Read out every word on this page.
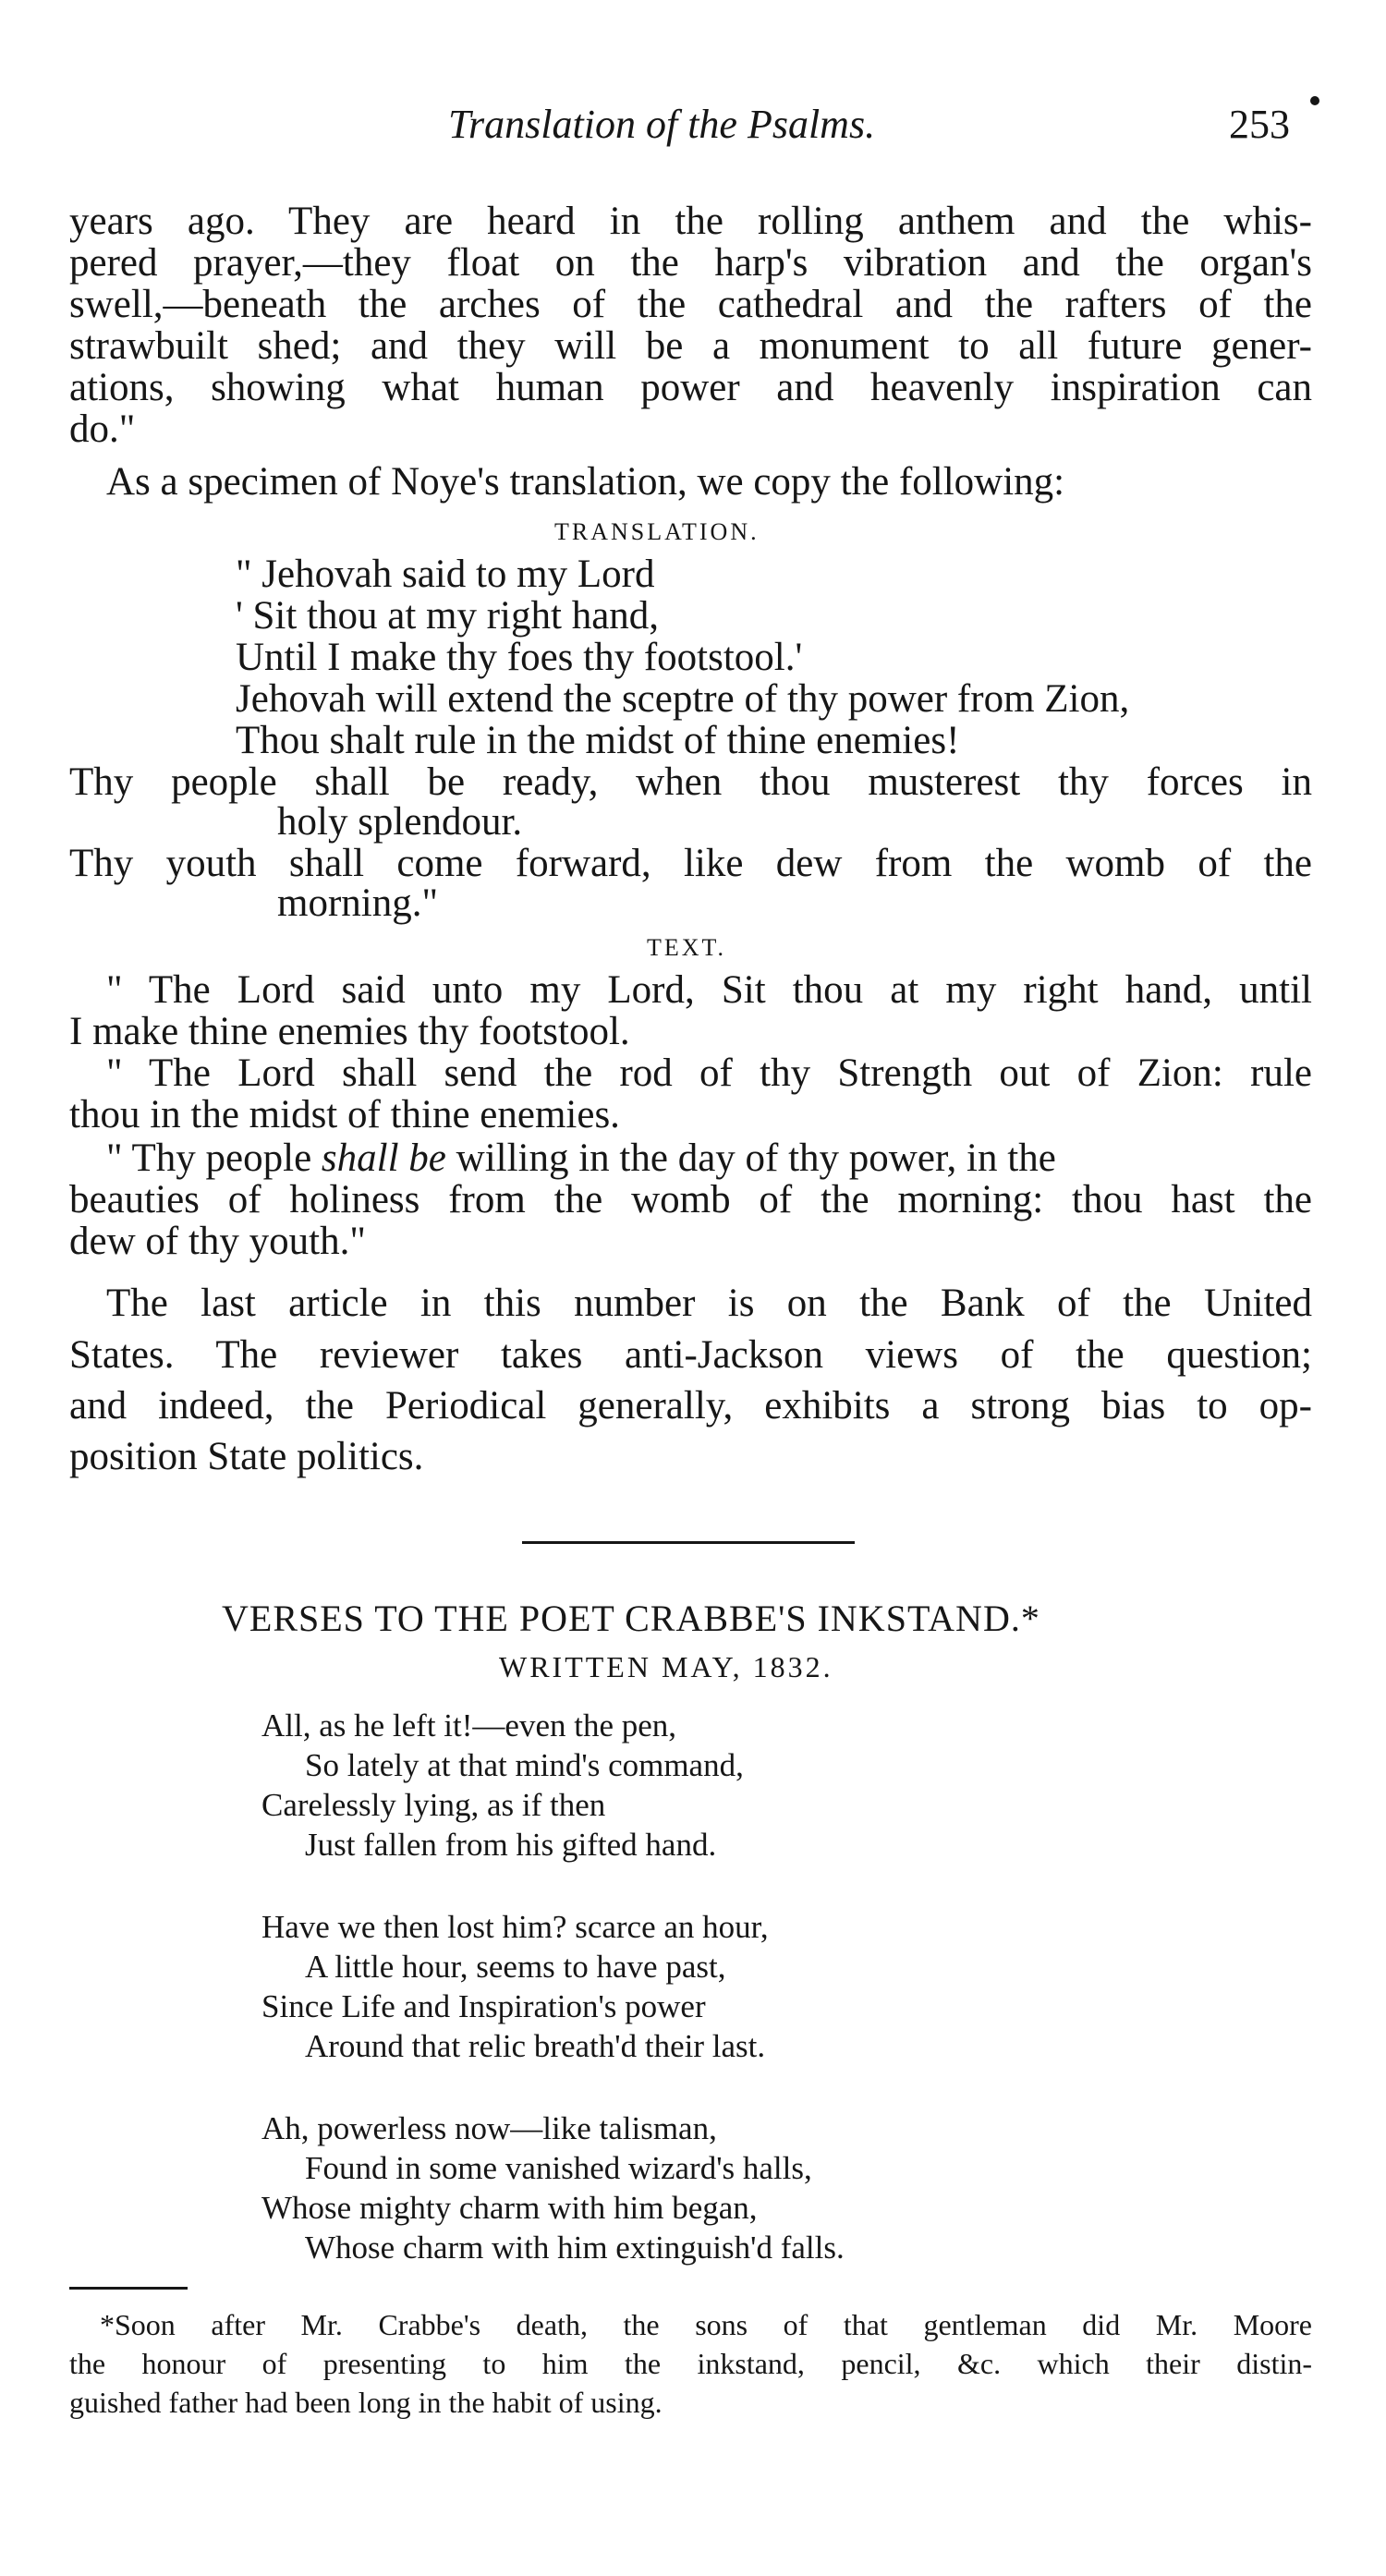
Translation of the Psalms.	253
years ago. They are heard in the rolling anthem and the whis-
pered prayer,—they float on the harp's vibration and the organ's
swell,—beneath the arches of the cathedral and the rafters of the
strawbuilt shed; and they will be a monument to all future gener-
ations, showing what human power and heavenly inspiration can
do."
As a specimen of Noye's translation, we copy the following:
TRANSLATION.
" Jehovah said to my Lord
' Sit thou at my right hand,
Until I make thy foes thy footstool.'
Jehovah will extend the sceptre of thy power from Zion,
Thou shalt rule in the midst of thine enemies!
Thy people shall be ready, when thou musterest thy forces in
holy splendour.
Thy youth shall come forward, like dew from the womb of the
morning."
TEXT.
" The Lord said unto my Lord, Sit thou at my right hand, until
I make thine enemies thy footstool.
" The Lord shall send the rod of thy Strength out of Zion: rule
thou in the midst of thine enemies.
" Thy people shall be willing in the day of thy power, in the
beauties of holiness from the womb of the morning: thou hast the
dew of thy youth."
The last article in this number is on the Bank of the United
States. The reviewer takes anti-Jackson views of the question;
and indeed, the Periodical generally, exhibits a strong bias to op-
position State politics.
VERSES TO THE POET CRABBE'S INKSTAND.*
WRITTEN MAY, 1832.
All, as he left it!—even the pen,
So lately at that mind's command,
Carelessly lying, as if then
Just fallen from his gifted hand.
Have we then lost him? scarce an hour,
A little hour, seems to have past,
Since Life and Inspiration's power
Around that relic breath'd their last.
Ah, powerless now—like talisman,
Found in some vanished wizard's halls,
Whose mighty charm with him began,
Whose charm with him extinguish'd falls.
*Soon after Mr. Crabbe's death, the sons of that gentleman did Mr. Moore
the honour of presenting to him the inkstand, pencil, &c. which their distin-
guished father had been long in the habit of using.
